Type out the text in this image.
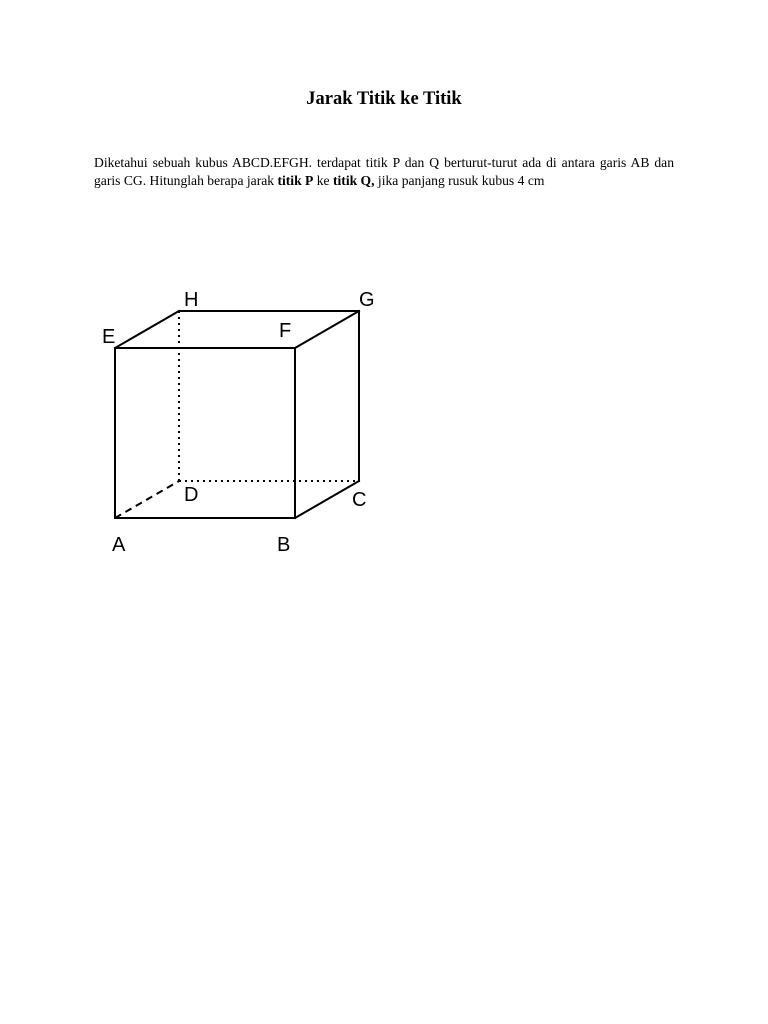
Jarak Titik ke Titik

Diketahui sebuah kubus ABCD.EFGH. terdapat titik P dan Q berturut-turut ada di antara garis AB dan garis CG. Hitunglah berapa jarak titik P ke titik Q, jika panjang rusuk kubus 4 cm

A	B
C
D
E	F
G
H
